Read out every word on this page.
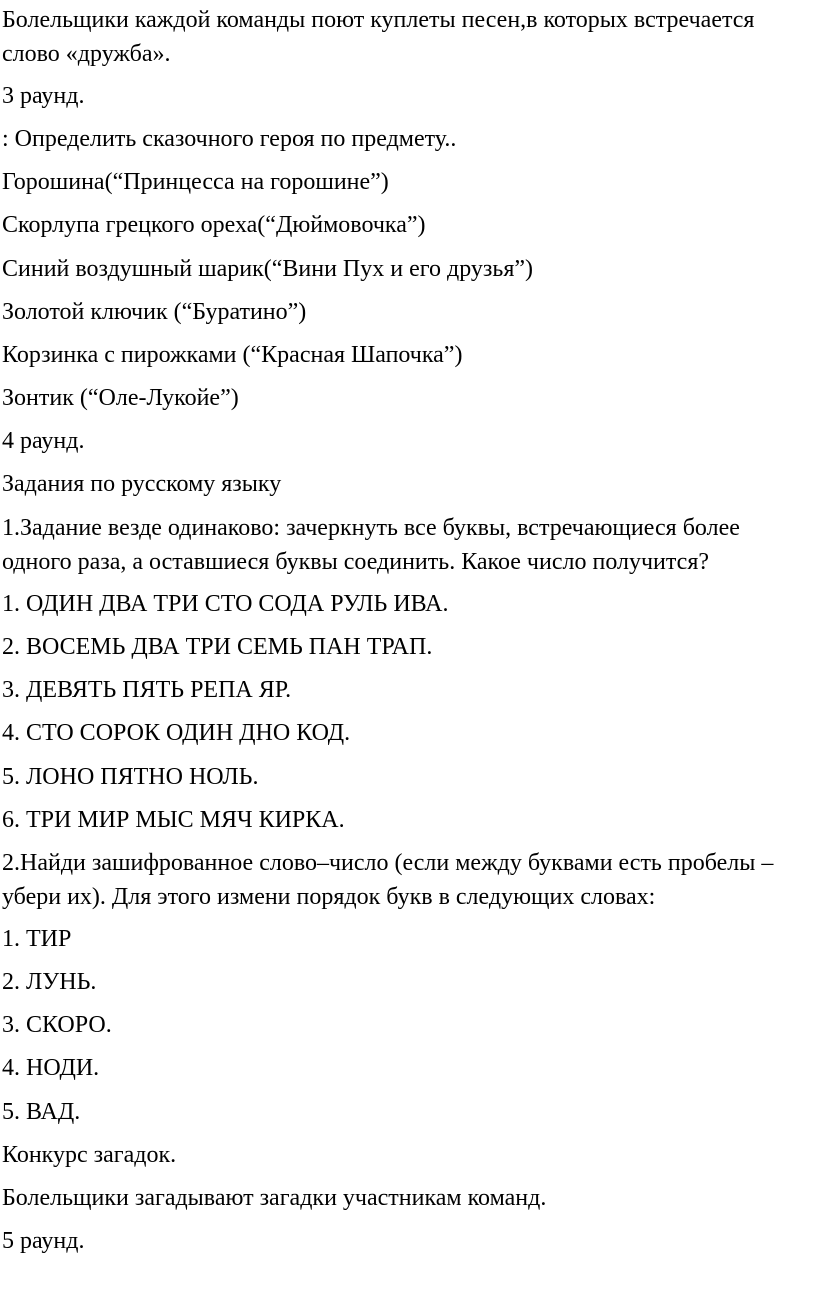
Болельщики каждой команды поют куплеты песен,в которых встречается

слово «дружба».

3 раунд.

: Определить сказочного героя по предмету..

Горошина(“Принцесса на горошине”)

Скорлупа грецкого ореха(“Дюймовочка”)

Синий воздушный шарик(“Вини Пух и его друзья”)

Золотой ключик (“Буратино”)

Корзинка с пирожками (“Красная Шапочка”)

Зонтик (“Оле-Лукойе”)

4 раунд.

Задания по русскому языку

1.Задание везде одинаково: зачеркнуть все буквы, встречающиеся более

одного раза, а оставшиеся буквы соединить. Какое число получится?

1. ОДИН ДВА ТРИ СТО СОДА РУЛЬ ИВА.

2. ВОСЕМЬ ДВА ТРИ СЕМЬ ПАН ТРАП.

3. ДЕВЯТЬ ПЯТЬ РЕПА ЯР.

4. СТО СОРОК ОДИН ДНО КОД.

5. ЛОНО ПЯТНО НОЛЬ.

6. ТРИ МИР МЫС МЯЧ КИРКА.

2.Найди зашифрованное слово–число (если между буквами есть пробелы –

убери их). Для этого измени порядок букв в следующих словах:

1. ТИР

2. ЛУНЬ.

3. СКОРО.

4. НОДИ.

5. ВАД.

Конкурс загадок.

Болельщики загадывают загадки участникам команд.

5 раунд.
